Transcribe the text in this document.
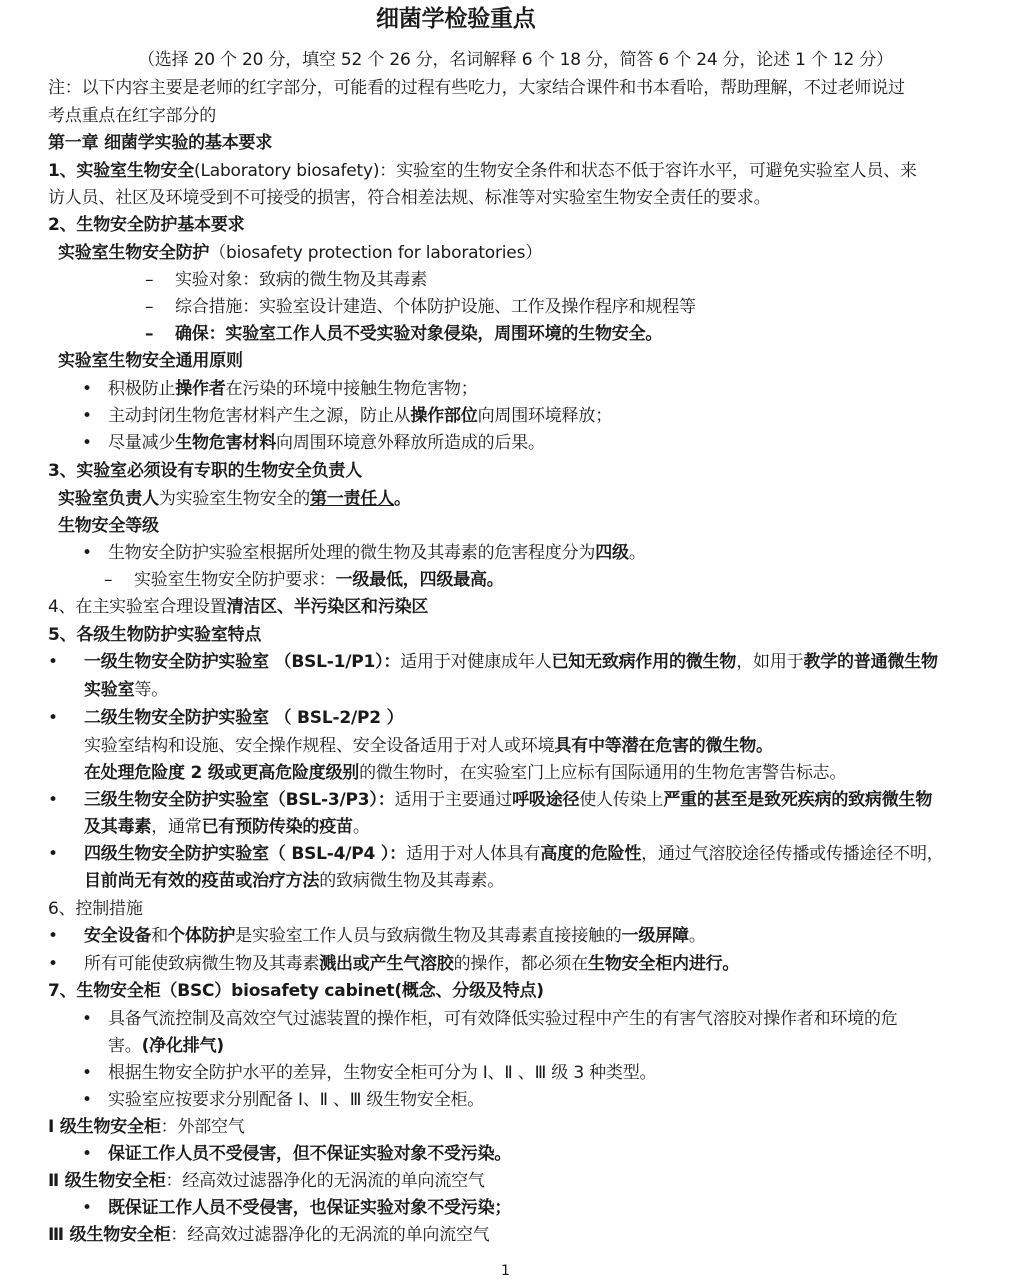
细菌学检验重点
（选择 20 个 20 分，填空 52 个 26 分，名词解释 6 个 18 分，简答 6 个 24 分，论述 1 个 12 分）
注：以下内容主要是老师的红字部分，可能看的过程有些吃力，大家结合课件和书本看哈，帮助理解，不过老师说过
考点重点在红字部分的
第一章 细菌学实验的基本要求
1、实验室生物安全(Laboratory biosafety)：实验室的生物安全条件和状态不低于容许水平，可避免实验室人员、来
访人员、社区及环境受到不可接受的损害，符合相差法规、标准等对实验室生物安全责任的要求。
2、生物安全防护基本要求
实验室生物安全防护（biosafety protection for laboratories）
– 实验对象：致病的微生物及其毒素
– 综合措施：实验室设计建造、个体防护设施、工作及操作程序和规程等
– 确保：实验室工作人员不受实验对象侵染，周围环境的生物安全。
实验室生物安全通用原则
• 积极防止操作者在污染的环境中接触生物危害物；
• 主动封闭生物危害材料产生之源，防止从操作部位向周围环境释放；
• 尽量减少生物危害材料向周围环境意外释放所造成的后果。
3、实验室必须设有专职的生物安全负责人
实验室负责人为实验室生物安全的第一责任人。
生物安全等级
• 生物安全防护实验室根据所处理的微生物及其毒素的危害程度分为四级。
– 实验室生物安全防护要求：一级最低，四级最高。
4、在主实验室合理设置清洁区、半污染区和污染区
5、各级生物防护实验室特点
• 一级生物安全防护实验室 （BSL-1/P1）：适用于对健康成年人已知无致病作用的微生物，如用于教学的普通微生物
实验室等。
• 二级生物安全防护实验室 （ BSL-2/P2 ）
实验室结构和设施、安全操作规程、安全设备适用于对人或环境具有中等潜在危害的微生物。
在处理危险度 2 级或更高危险度级别的微生物时，在实验室门上应标有国际通用的生物危害警告标志。
• 三级生物安全防护实验室（BSL-3/P3）：适用于主要通过呼吸途径使人传染上严重的甚至是致死疾病的致病微生物
及其毒素，通常已有预防传染的疫苗。
• 四级生物安全防护实验室（ BSL-4/P4 ）：适用于对人体具有高度的危险性，通过气溶胶途径传播或传播途径不明，
目前尚无有效的疫苗或治疗方法的致病微生物及其毒素。
6、控制措施
• 安全设备和个体防护是实验室工作人员与致病微生物及其毒素直接接触的一级屏障。
• 所有可能使致病微生物及其毒素溅出或产生气溶胶的操作，都必须在生物安全柜内进行。
7、生物安全柜（BSC）biosafety cabinet(概念、分级及特点)
• 具备气流控制及高效空气过滤装置的操作柜，可有效降低实验过程中产生的有害气溶胶对操作者和环境的危
害。(净化排气)
• 根据生物安全防护水平的差异，生物安全柜可分为 Ⅰ、Ⅱ 、Ⅲ 级 3 种类型。
• 实验室应按要求分别配备 Ⅰ、Ⅱ 、Ⅲ 级生物安全柜。
Ⅰ 级生物安全柜：外部空气
• 保证工作人员不受侵害，但不保证实验对象不受污染。
Ⅱ 级生物安全柜：经高效过滤器净化的无涡流的单向流空气
• 既保证工作人员不受侵害，也保证实验对象不受污染；
Ⅲ 级生物安全柜：经高效过滤器净化的无涡流的单向流空气
1
